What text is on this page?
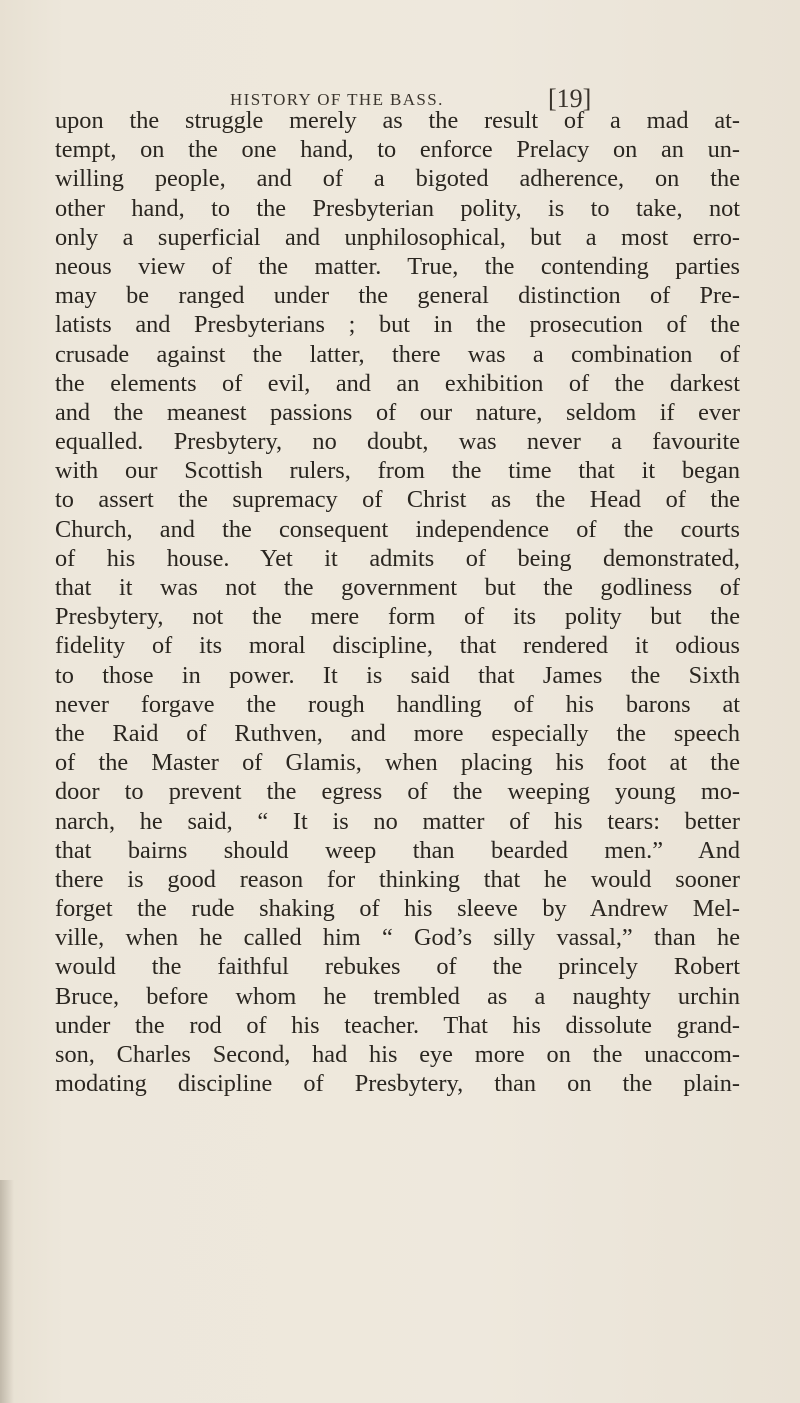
HISTORY OF THE BASS.	[19]
upon the struggle merely as the result of a mad at-
tempt, on the one hand, to enforce Prelacy on an un-
willing people, and of a bigoted adherence, on the
other hand, to the Presbyterian polity, is to take, not
only a superficial and unphilosophical, but a most erro-
neous view of the matter. True, the contending parties
may be ranged under the general distinction of Pre-
latists and Presbyterians ; but in the prosecution of the
crusade against the latter, there was a combination of
the elements of evil, and an exhibition of the darkest
and the meanest passions of our nature, seldom if ever
equalled. Presbytery, no doubt, was never a favourite
with our Scottish rulers, from the time that it began
to assert the supremacy of Christ as the Head of the
Church, and the consequent independence of the courts
of his house. Yet it admits of being demonstrated,
that it was not the government but the godliness of
Presbytery, not the mere form of its polity but the
fidelity of its moral discipline, that rendered it odious
to those in power. It is said that James the Sixth
never forgave the rough handling of his barons at
the Raid of Ruthven, and more especially the speech
of the Master of Glamis, when placing his foot at the
door to prevent the egress of the weeping young mo-
narch, he said, “ It is no matter of his tears: better
that bairns should weep than bearded men.” And
there is good reason for thinking that he would sooner
forget the rude shaking of his sleeve by Andrew Mel-
ville, when he called him “ God’s silly vassal,” than he
would the faithful rebukes of the princely Robert
Bruce, before whom he trembled as a naughty urchin
under the rod of his teacher. That his dissolute grand-
son, Charles Second, had his eye more on the unaccom-
modating discipline of Presbytery, than on the plain-
